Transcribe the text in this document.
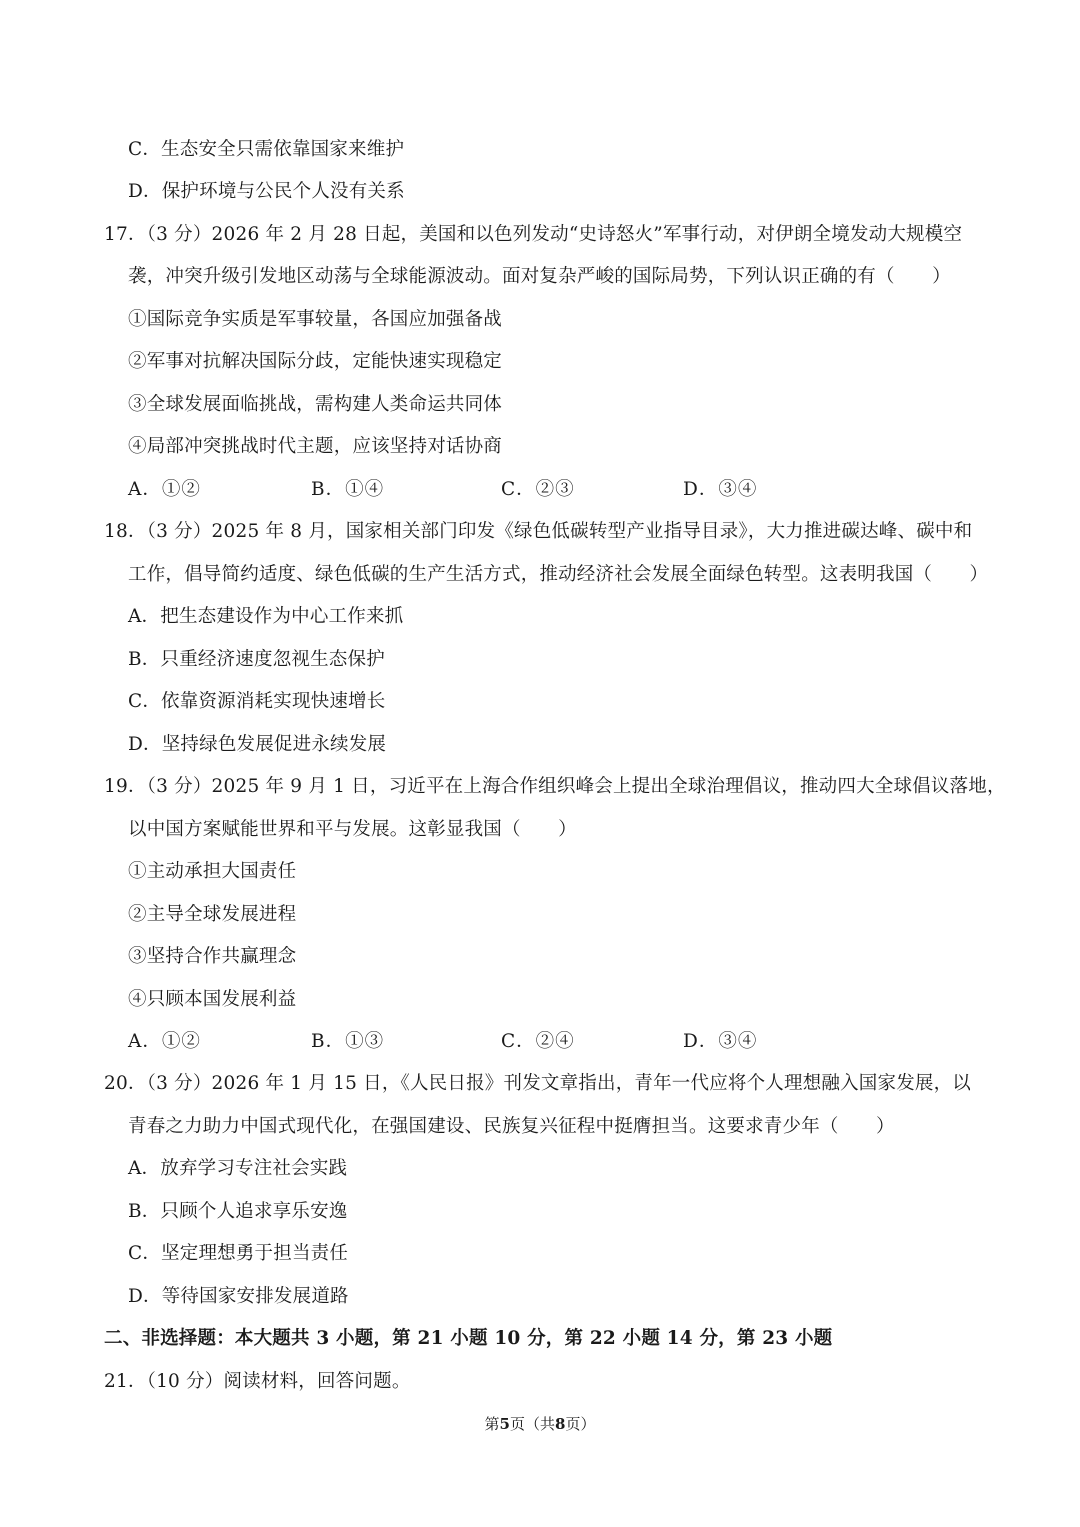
C．生态安全只需依靠国家来维护
D．保护环境与公民个人没有关系
17．（3 分）2026 年 2 月 28 日起，美国和以色列发动“史诗怒火”军事行动，对伊朗全境发动大规模空
袭，冲突升级引发地区动荡与全球能源波动。面对复杂严峻的国际局势，下列认识正确的有（　　）
①国际竞争实质是军事较量，各国应加强备战
②军事对抗解决国际分歧，定能快速实现稳定
③全球发展面临挑战，需构建人类命运共同体
④局部冲突挑战时代主题，应该坚持对话协商
A．①②	B．①④	C．②③	D．③④
18．（3 分）2025 年 8 月，国家相关部门印发《绿色低碳转型产业指导目录》，大力推进碳达峰、碳中和
工作，倡导简约适度、绿色低碳的生产生活方式，推动经济社会发展全面绿色转型。这表明我国（　　）
A．把生态建设作为中心工作来抓
B．只重经济速度忽视生态保护
C．依靠资源消耗实现快速增长
D．坚持绿色发展促进永续发展
19．（3 分）2025 年 9 月 1 日，习近平在上海合作组织峰会上提出全球治理倡议，推动四大全球倡议落地，
以中国方案赋能世界和平与发展。这彰显我国（　　）
①主动承担大国责任
②主导全球发展进程
③坚持合作共赢理念
④只顾本国发展利益
A．①②	B．①③	C．②④	D．③④
20．（3 分）2026 年 1 月 15 日，《人民日报》刊发文章指出，青年一代应将个人理想融入国家发展，以
青春之力助力中国式现代化，在强国建设、民族复兴征程中挺膺担当。这要求青少年（　　）
A．放弃学习专注社会实践
B．只顾个人追求享乐安逸
C．坚定理想勇于担当责任
D．等待国家安排发展道路
二、非选择题：本大题共 3 小题，第 21 小题 10 分，第 22 小题 14 分，第 23 小题
21．（10 分）阅读材料，回答问题。
第5页（共8页）
